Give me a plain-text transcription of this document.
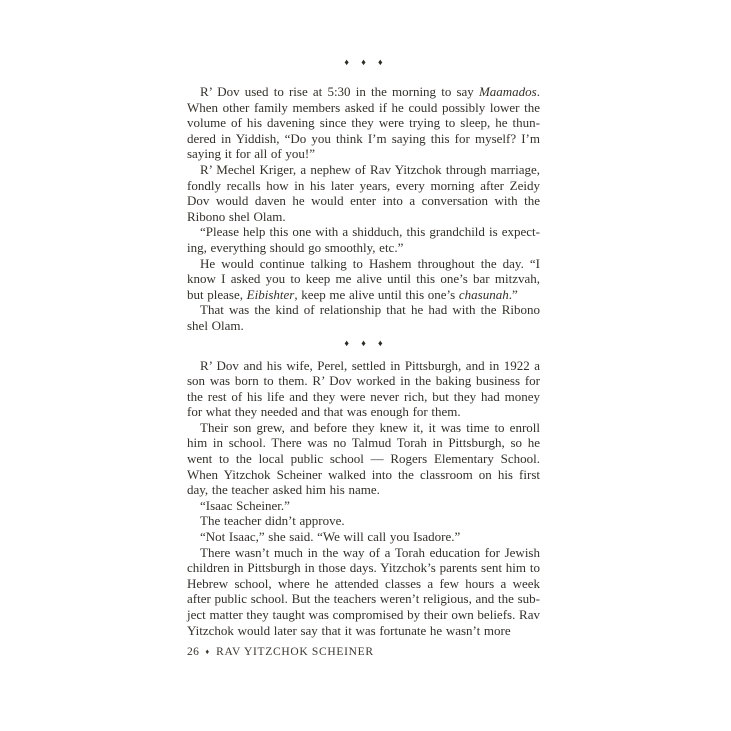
♦ ♦ ♦

R’ Dov used to rise at 5:30 in the morning to say Maamados. When other family members asked if he could possibly lower the volume of his davening since they were trying to sleep, he thundered in Yiddish, “Do you think I’m saying this for myself? I’m saying it for all of you!”

R’ Mechel Kriger, a nephew of Rav Yitzchok through marriage, fondly recalls how in his later years, every morning after Zeidy Dov would daven he would enter into a conversation with the Ribono shel Olam.

“Please help this one with a shidduch, this grandchild is expecting, everything should go smoothly, etc.”

He would continue talking to Hashem throughout the day. “I know I asked you to keep me alive until this one’s bar mitzvah, but please, Eibishter, keep me alive until this one’s chasunah.”

That was the kind of relationship that he had with the Ribono shel Olam.

♦ ♦ ♦

R’ Dov and his wife, Perel, settled in Pittsburgh, and in 1922 a son was born to them. R’ Dov worked in the baking business for the rest of his life and they were never rich, but they had money for what they needed and that was enough for them.

Their son grew, and before they knew it, it was time to enroll him in school. There was no Talmud Torah in Pittsburgh, so he went to the local public school — Rogers Elementary School. When Yitzchok Scheiner walked into the classroom on his first day, the teacher asked him his name.

“Isaac Scheiner.”

The teacher didn’t approve.

“Not Isaac,” she said. “We will call you Isadore.”

There wasn’t much in the way of a Torah education for Jewish children in Pittsburgh in those days. Yitzchok’s parents sent him to Hebrew school, where he attended classes a few hours a week after public school. But the teachers weren’t religious, and the subject matter they taught was compromised by their own beliefs. Rav Yitzchok would later say that it was fortunate he wasn’t more

26 ♦ RAV YITZCHOK SCHEINER
